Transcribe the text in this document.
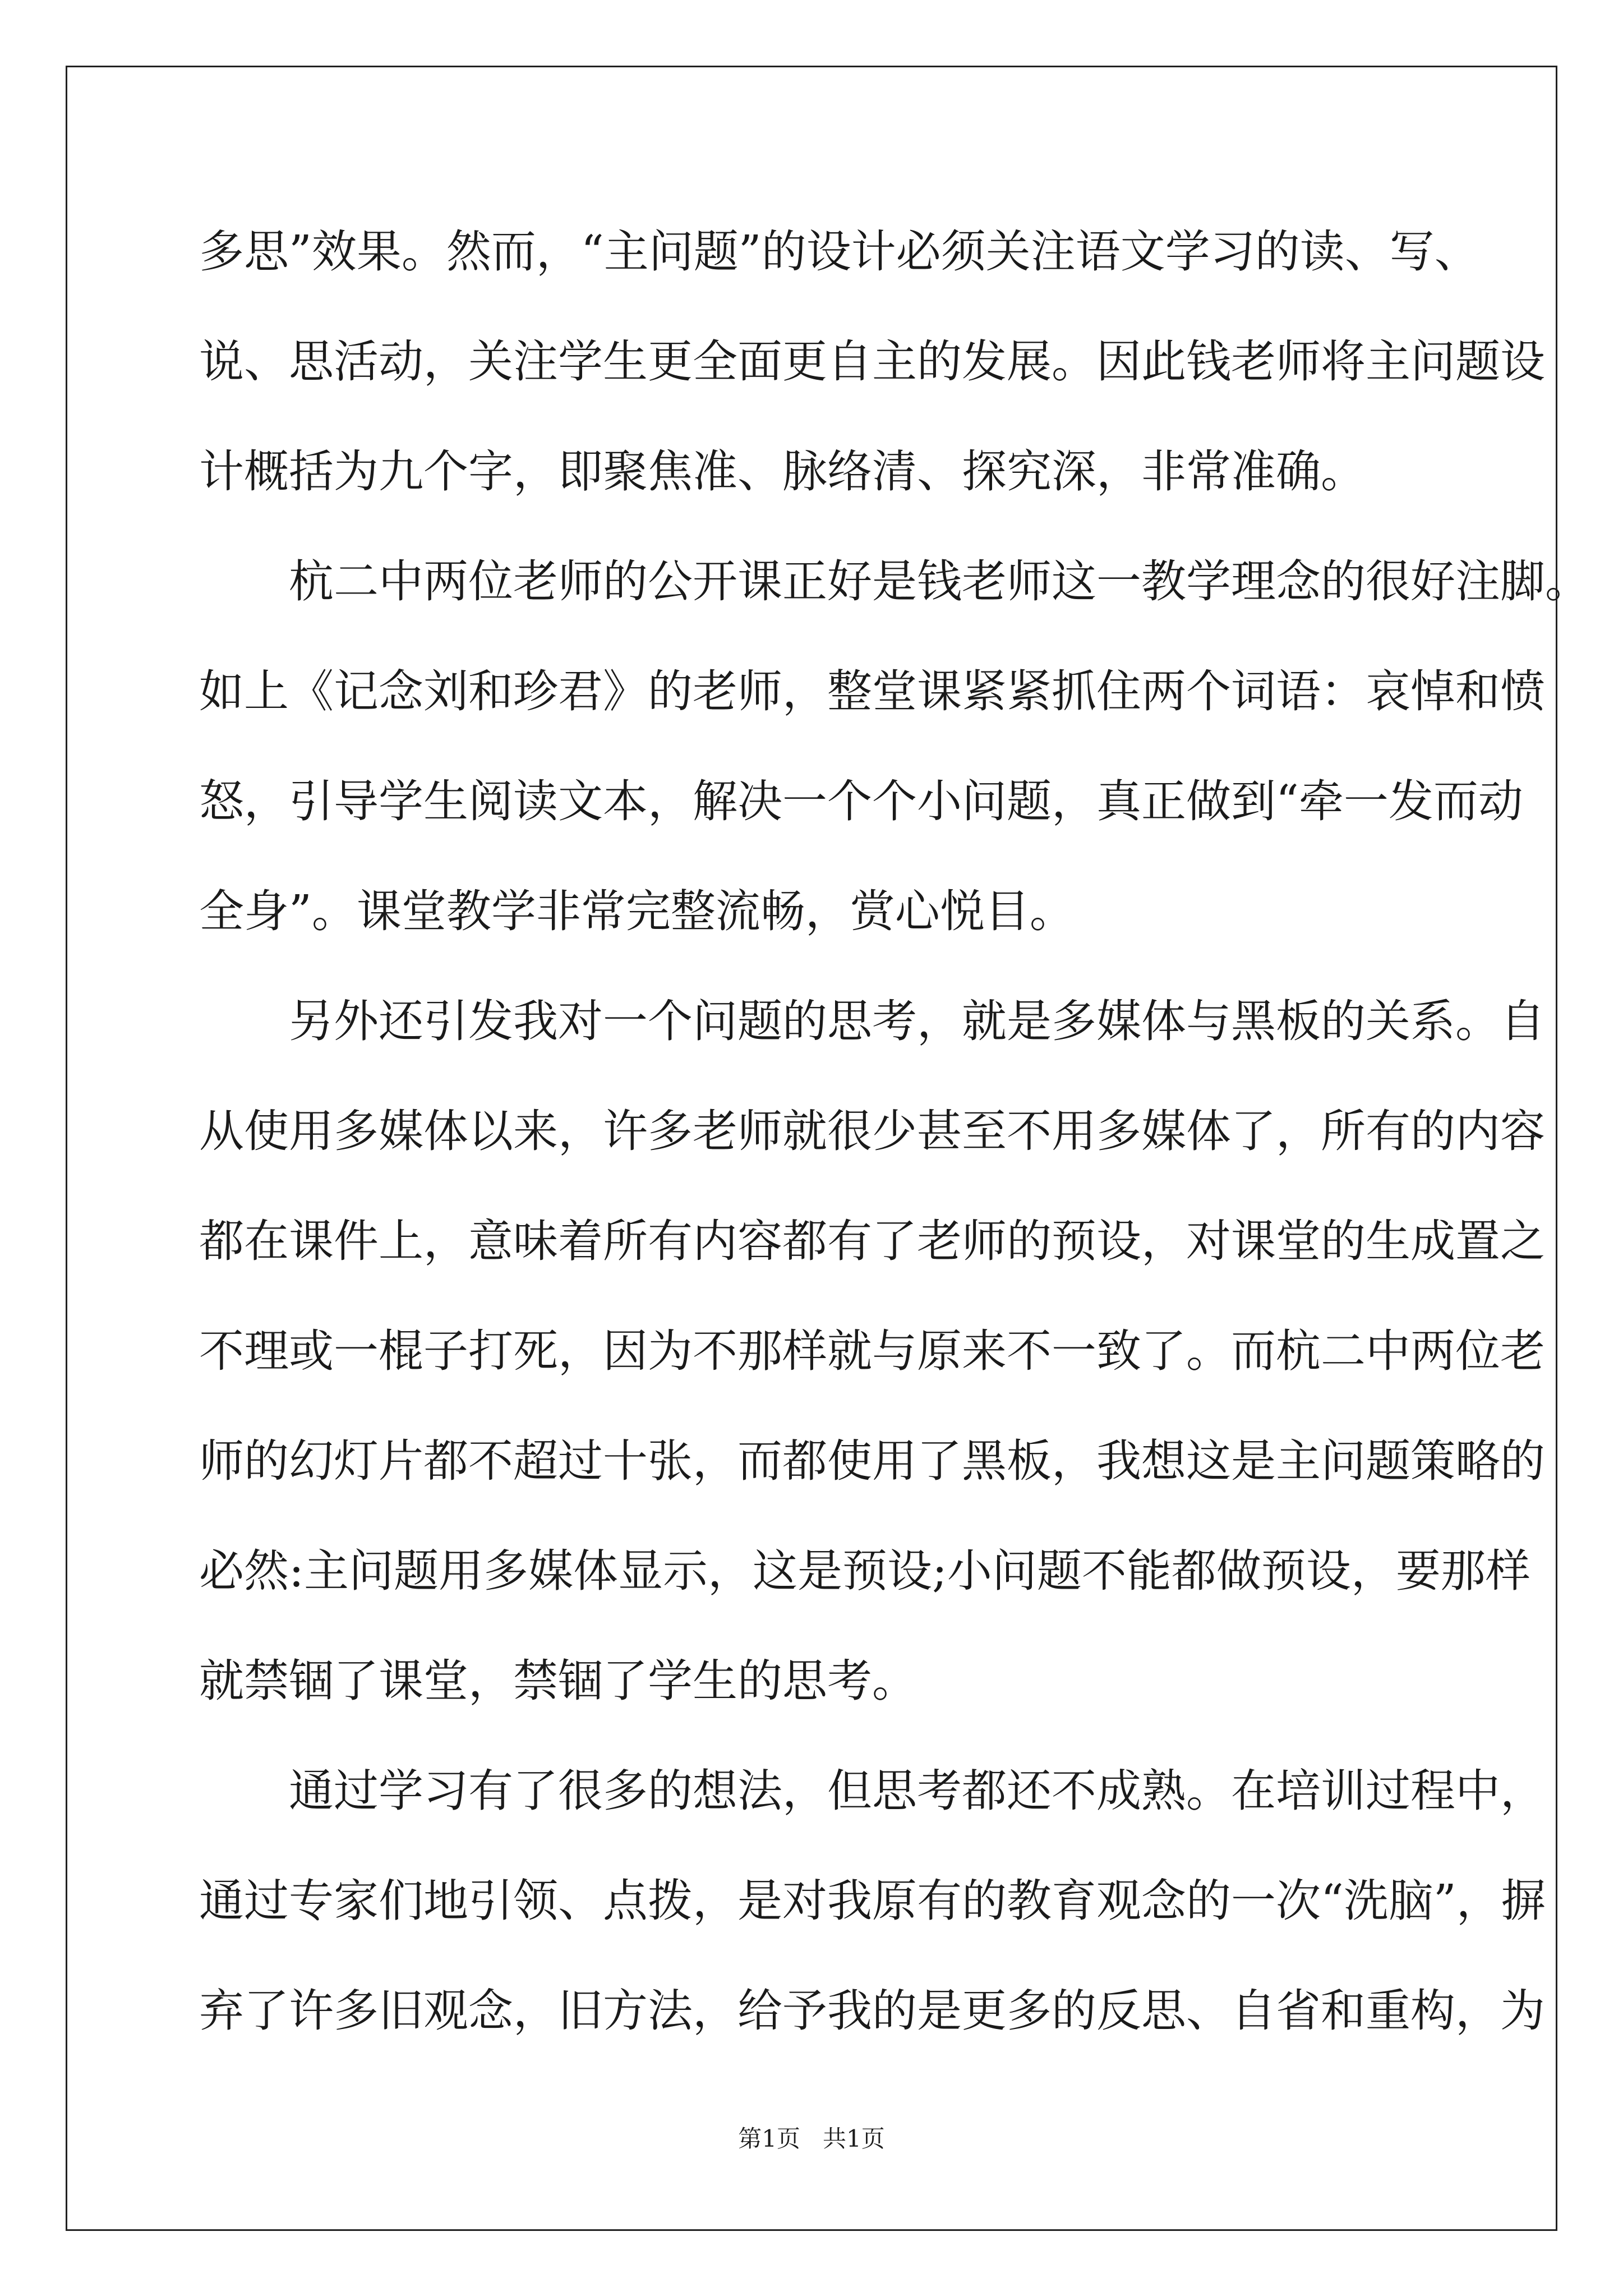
多思”效果。然而，“主问题”的设计必须关注语文学习的读、写、
说、思活动，关注学生更全面更自主的发展。因此钱老师将主问题设
计概括为九个字，即聚焦准、脉络清、探究深，非常准确。
杭二中两位老师的公开课正好是钱老师这一教学理念的很好注脚。
如上《记念刘和珍君》的老师，整堂课紧紧抓住两个词语：哀悼和愤
怒，引导学生阅读文本，解决一个个小问题，真正做到“牵一发而动
全身”。课堂教学非常完整流畅，赏心悦目。
另外还引发我对一个问题的思考，就是多媒体与黑板的关系。自
从使用多媒体以来，许多老师就很少甚至不用多媒体了，所有的内容
都在课件上，意味着所有内容都有了老师的预设，对课堂的生成置之
不理或一棍子打死，因为不那样就与原来不一致了。而杭二中两位老
师的幻灯片都不超过十张，而都使用了黑板，我想这是主问题策略的
必然:主问题用多媒体显示，这是预设;小问题不能都做预设，要那样
就禁锢了课堂，禁锢了学生的思考。
通过学习有了很多的想法，但思考都还不成熟。在培训过程中，
通过专家们地引领、点拨，是对我原有的教育观念的一次“洗脑”，摒
弃了许多旧观念，旧方法，给予我的是更多的反思、自省和重构，为
第1页   共1页
